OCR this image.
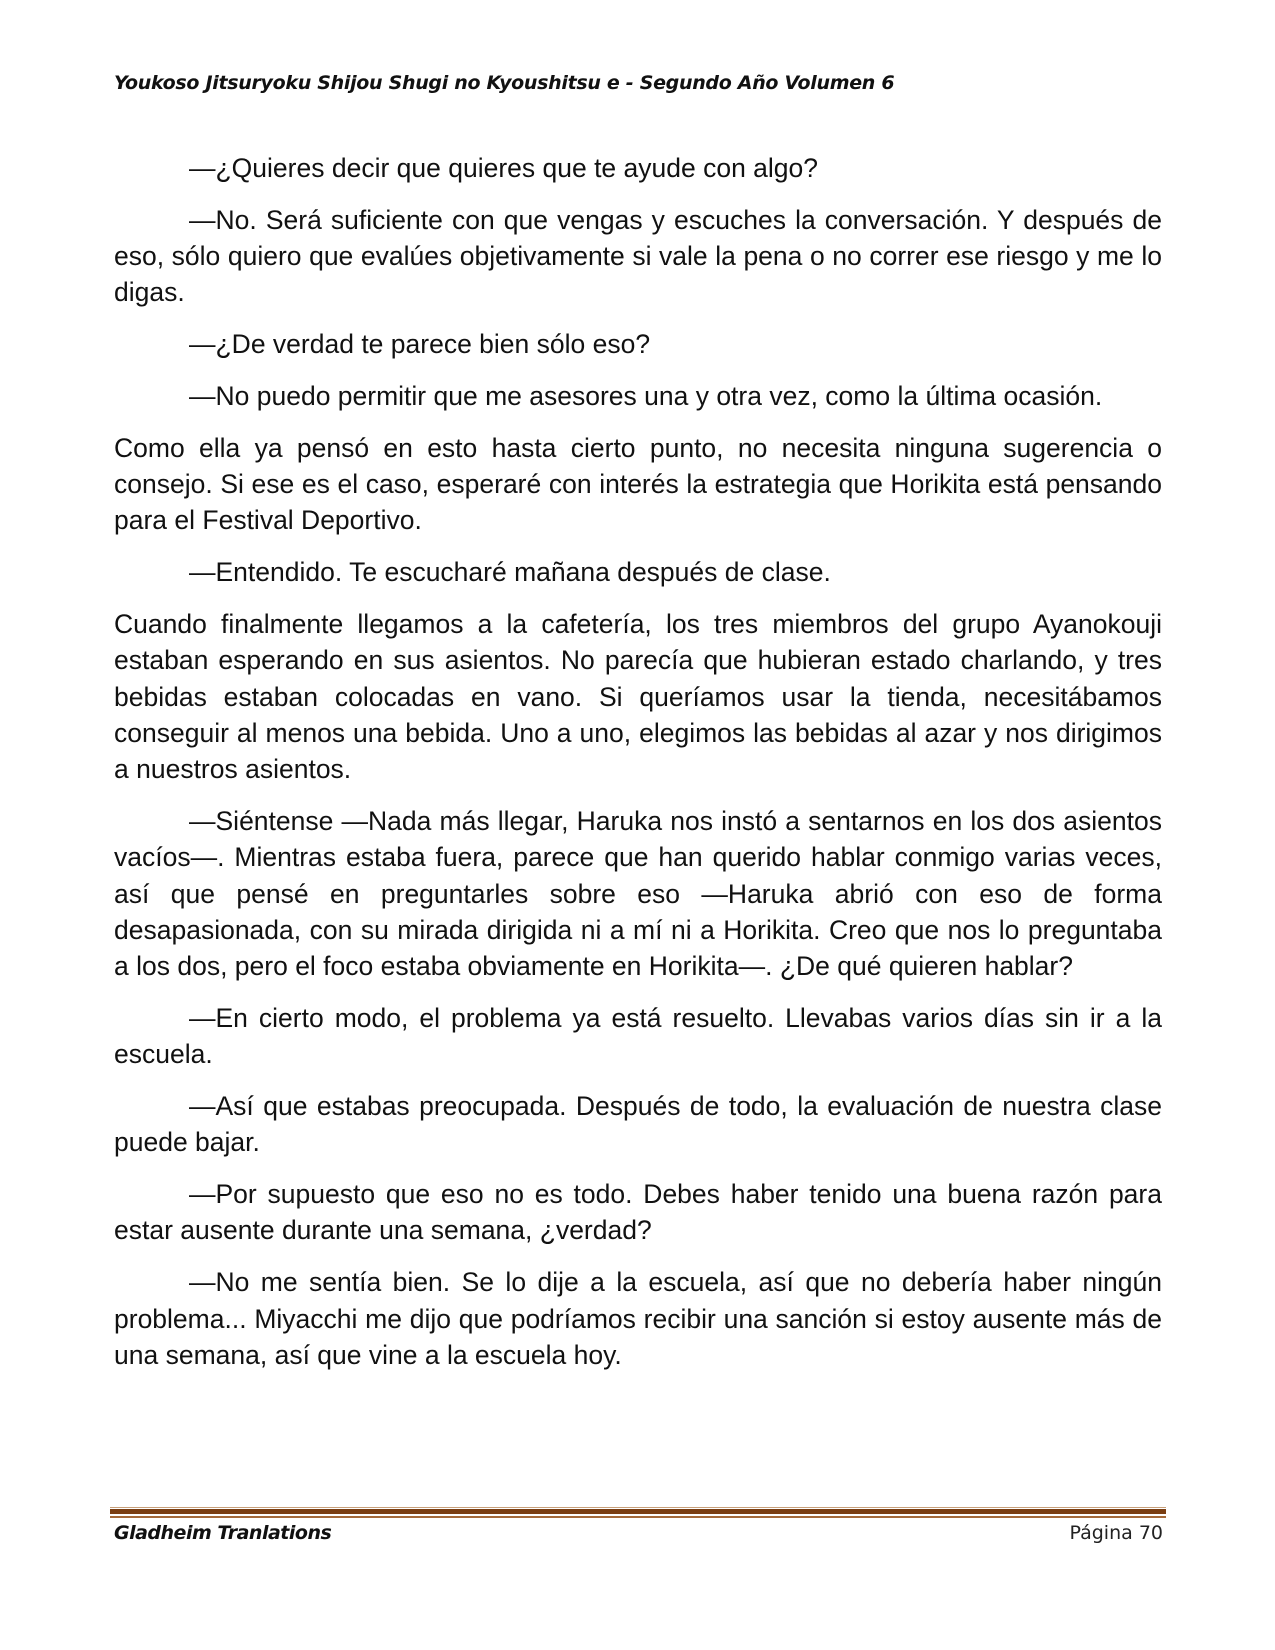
Youkoso Jitsuryoku Shijou Shugi no Kyoushitsu e - Segundo Año Volumen 6

—¿Quieres decir que quieres que te ayude con algo?

—No. Será suficiente con que vengas y escuches la conversación. Y después de eso, sólo quiero que evalúes objetivamente si vale la pena o no correr ese riesgo y me lo digas.

—¿De verdad te parece bien sólo eso?

—No puedo permitir que me asesores una y otra vez, como la última ocasión.

Como ella ya pensó en esto hasta cierto punto, no necesita ninguna sugerencia o consejo. Si ese es el caso, esperaré con interés la estrategia que Horikita está pensando para el Festival Deportivo.

—Entendido. Te escucharé mañana después de clase.

Cuando finalmente llegamos a la cafetería, los tres miembros del grupo Ayanokouji estaban esperando en sus asientos. No parecía que hubieran estado charlando, y tres bebidas estaban colocadas en vano. Si queríamos usar la tienda, necesitábamos conseguir al menos una bebida. Uno a uno, elegimos las bebidas al azar y nos dirigimos a nuestros asientos.

—Siéntense —Nada más llegar, Haruka nos instó a sentarnos en los dos asientos vacíos—. Mientras estaba fuera, parece que han querido hablar conmigo varias veces, así que pensé en preguntarles sobre eso —Haruka abrió con eso de forma desapasionada, con su mirada dirigida ni a mí ni a Horikita. Creo que nos lo preguntaba a los dos, pero el foco estaba obviamente en Horikita—. ¿De qué quieren hablar?

—En cierto modo, el problema ya está resuelto. Llevabas varios días sin ir a la escuela.

—Así que estabas preocupada. Después de todo, la evaluación de nuestra clase puede bajar.

—Por supuesto que eso no es todo. Debes haber tenido una buena razón para estar ausente durante una semana, ¿verdad?

—No me sentía bien. Se lo dije a la escuela, así que no debería haber ningún problema... Miyacchi me dijo que podríamos recibir una sanción si estoy ausente más de una semana, así que vine a la escuela hoy.

Gladheim Tranlations	Página 70
